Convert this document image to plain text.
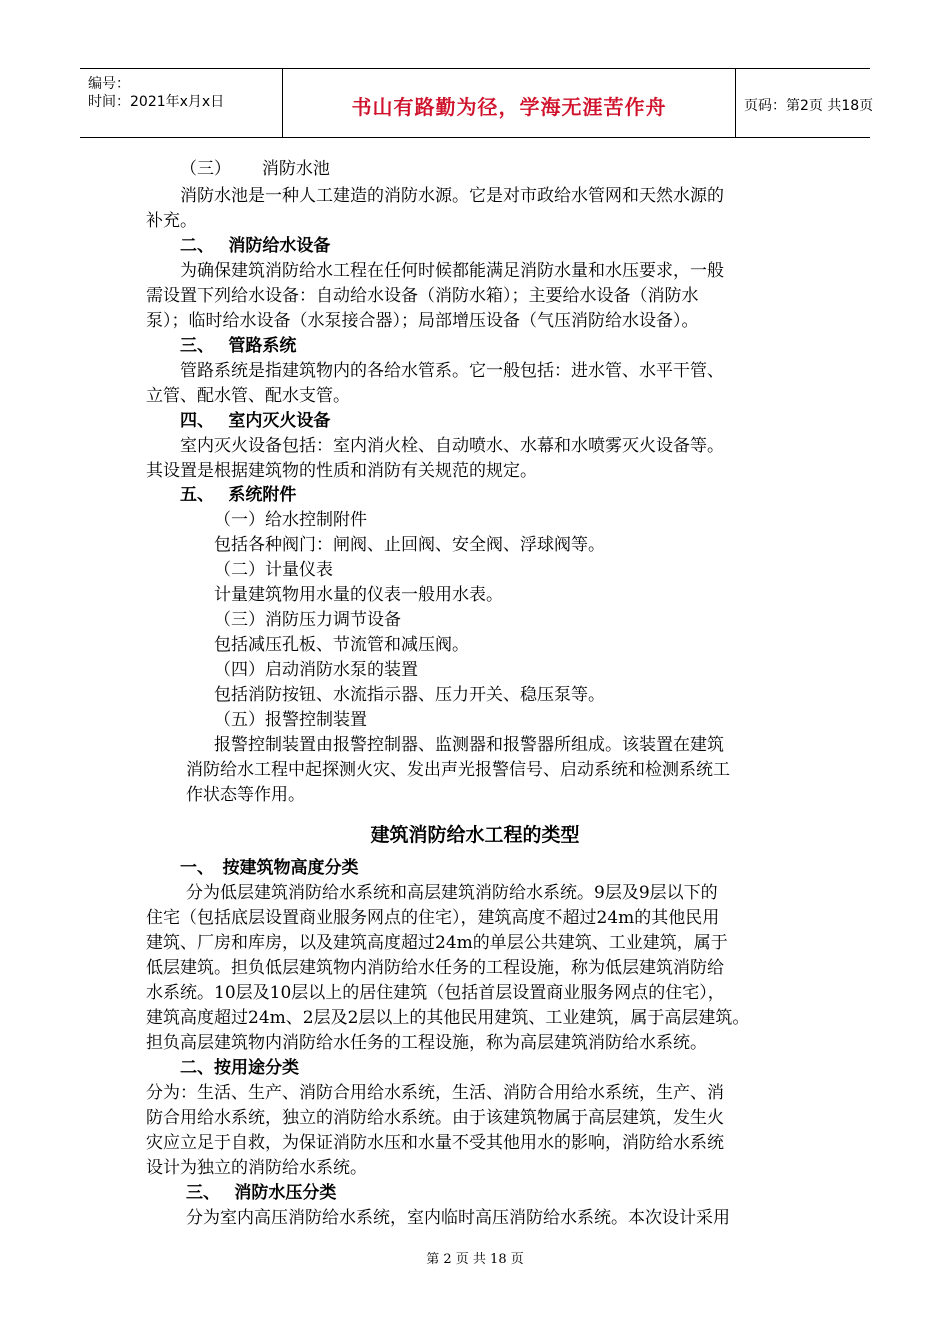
编号：
时间：2021年x月x日	书山有路勤为径，学海无涯苦作舟	页码：第2页 共18页
（三）　　 消防水池
消防水池是一种人工建造的消防水源。它是对市政给水管网和天然水源的
补充。
二、　 消防给水设备
为确保建筑消防给水工程在任何时候都能满足消防水量和水压要求，一般
需设置下列给水设备：自动给水设备（消防水箱）；主要给水设备（消防水
泵）；临时给水设备（水泵接合器）；局部增压设备（气压消防给水设备）。
三、　 管路系统
管路系统是指建筑物内的各给水管系。它一般包括：进水管、水平干管、
立管、配水管、配水支管。
四、　 室内灭火设备
室内灭火设备包括：室内消火栓、自动喷水、水幕和水喷雾灭火设备等。
其设置是根据建筑物的性质和消防有关规范的规定。
五、　 系统附件
（一）给水控制附件
包括各种阀门：闸阀、止回阀、安全阀、浮球阀等。
（二）计量仪表
计量建筑物用水量的仪表一般用水表。
（三）消防压力调节设备
包括减压孔板、节流管和减压阀。
（四）启动消防水泵的装置
包括消防按钮、水流指示器、压力开关、稳压泵等。
（五）报警控制装置
报警控制装置由报警控制器、监测器和报警器所组成。该装置在建筑
消防给水工程中起探测火灾、发出声光报警信号、启动系统和检测系统工
作状态等作用。
建筑消防给水工程的类型
一、　按建筑物高度分类
分为低层建筑消防给水系统和高层建筑消防给水系统。9层及9层以下的
住宅（包括底层设置商业服务网点的住宅），建筑高度不超过24m的其他民用
建筑、厂房和库房，以及建筑高度超过24m的单层公共建筑、工业建筑，属于
低层建筑。担负低层建筑物内消防给水任务的工程设施，称为低层建筑消防给
水系统。10层及10层以上的居住建筑（包括首层设置商业服务网点的住宅），
建筑高度超过24m、2层及2层以上的其他民用建筑、工业建筑，属于高层建筑。
担负高层建筑物内消防给水任务的工程设施，称为高层建筑消防给水系统。
二、按用途分类
分为：生活、生产、消防合用给水系统，生活、消防合用给水系统，生产、消
防合用给水系统，独立的消防给水系统。由于该建筑物属于高层建筑，发生火
灾应立足于自救，为保证消防水压和水量不受其他用水的影响，消防给水系统
设计为独立的消防给水系统。
三、　 消防水压分类
分为室内高压消防给水系统，室内临时高压消防给水系统。本次设计采用
第 2 页 共 18 页
